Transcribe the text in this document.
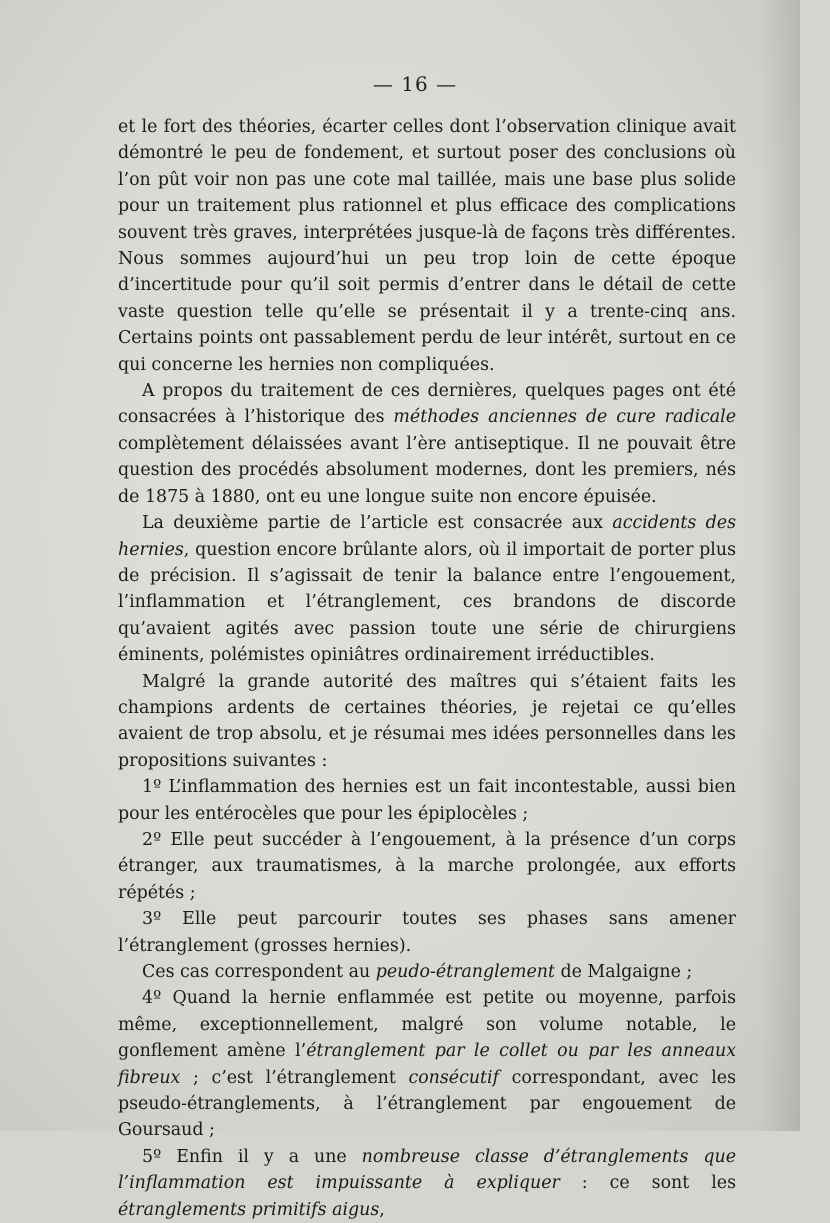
— 16 —

et le fort des théories, écarter celles dont l’observation clinique avait démontré le peu de fondement, et surtout poser des conclusions où l’on pût voir non pas une cote mal taillée, mais une base plus solide pour un traitement plus rationnel et plus efficace des complications souvent très graves, interprétées jusque-là de façons très différentes. Nous sommes aujourd’hui un peu trop loin de cette époque d’incertitude pour qu’il soit permis d’entrer dans le détail de cette vaste question telle qu’elle se présentait il y a trente-cinq ans. Certains points ont passablement perdu de leur intérêt, surtout en ce qui concerne les hernies non compliquées.

A propos du traitement de ces dernières, quelques pages ont été consacrées à l’historique des méthodes anciennes de cure radicale complètement délaissées avant l’ère antiseptique. Il ne pouvait être question des procédés absolument modernes, dont les premiers, nés de 1875 à 1880, ont eu une longue suite non encore épuisée.

La deuxième partie de l’article est consacrée aux accidents des hernies, question encore brûlante alors, où il importait de porter plus de précision. Il s’agissait de tenir la balance entre l’engouement, l’inflammation et l’étranglement, ces brandons de discorde qu’avaient agités avec passion toute une série de chirurgiens éminents, polémistes opiniâtres ordinairement irréductibles.

Malgré la grande autorité des maîtres qui s’étaient faits les champions ardents de certaines théories, je rejetai ce qu’elles avaient de trop absolu, et je résumai mes idées personnelles dans les propositions suivantes :

1º L’inflammation des hernies est un fait incontestable, aussi bien pour les entérocèles que pour les épiplocèles ;

2º Elle peut succéder à l’engouement, à la présence d’un corps étranger, aux traumatismes, à la marche prolongée, aux efforts répétés ;

3º Elle peut parcourir toutes ses phases sans amener l’étranglement (grosses hernies).

Ces cas correspondent au peudo-étranglement de Malgaigne ;

4º Quand la hernie enflammée est petite ou moyenne, parfois même, exceptionnellement, malgré son volume notable, le gonflement amène l’étranglement par le collet ou par les anneaux fibreux ; c’est l’étranglement consécutif correspondant, avec les pseudo-étranglements, à l’étranglement par engouement de Goursaud ;

5º Enfin il y a une nombreuse classe d’étranglements que l’inflammation est impuissante à expliquer : ce sont les étranglements primitifs aigus,
